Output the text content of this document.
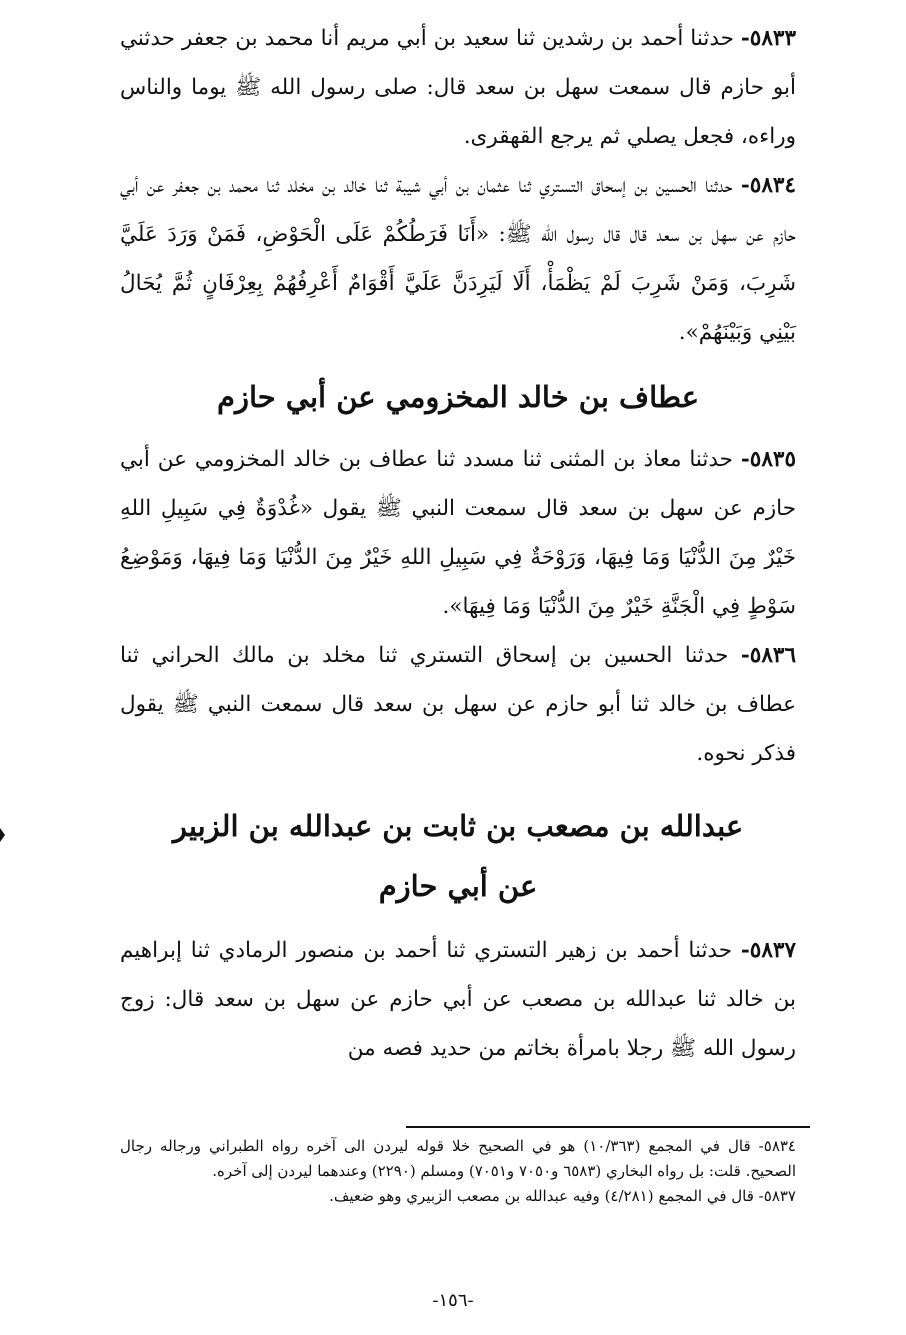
٥٨٣٣- حدثنا أحمد بن رشدين ثنا سعيد بن أبي مريم أنا محمد بن جعفر حدثني أبو حازم قال سمعت سهل بن سعد قال: صلى رسول الله ﷺ يوما والناس وراءه، فجعل يصلي ثم يرجع القهقرى.

٥٨٣٤- حدثنا الحسين بن إسحاق التستري ثنا عثمان بن أبي شيبة ثنا خالد بن مخلد ثنا محمد بن جعفر عن أبي حازم عن سهل بن سعد قال قال رسول الله ﷺ: «أَنَا فَرَطُكُمْ عَلَى الْحَوْضِ، فَمَنْ وَرَدَ عَلَيَّ شَرِبَ، وَمَنْ شَرِبَ لَمْ يَظْمَأْ، أَلَا لَيَرِدَنَّ عَلَيَّ أَقْوَامٌ أَعْرِفُهُمْ بِعِرْفَانٍ ثُمَّ يُحَالُ بَيْنِي وَبَيْنَهُمْ».

عطاف بن خالد المخزومي عن أبي حازم

٥٨٣٥- حدثنا معاذ بن المثنى ثنا مسدد ثنا عطاف بن خالد المخزومي عن أبي حازم عن سهل بن سعد قال سمعت النبي ﷺ يقول «غُدْوَةٌ فِي سَبِيلِ اللهِ خَيْرٌ مِنَ الدُّنْيَا وَمَا فِيهَا، وَرَوْحَةٌ فِي سَبِيلِ اللهِ خَيْرٌ مِنَ الدُّنْيَا وَمَا فِيهَا، وَمَوْضِعُ سَوْطٍ فِي الْجَنَّةِ خَيْرٌ مِنَ الدُّنْيَا وَمَا فِيهَا».

٥٨٣٦- حدثنا الحسين بن إسحاق التستري ثنا مخلد بن مالك الحراني ثنا عطاف بن خالد ثنا أبو حازم عن سهل بن سعد قال سمعت النبي ﷺ يقول فذكر نحوه.

عبدالله بن مصعب بن ثابت بن عبدالله بن الزبير
عن أبي حازم

٥٨٣٧- حدثنا أحمد بن زهير التستري ثنا أحمد بن منصور الرمادي ثنا إبراهيم بن خالد ثنا عبدالله بن مصعب عن أبي حازم عن سهل بن سعد قال: زوج رسول الله ﷺ رجلا بامرأة بخاتم من حديد فصه من

٥٨٣٤- قال في المجمع (١٠/٣٦٣) هو في الصحيح خلا قوله ليردن الى آخره رواه الطبراني ورجاله رجال الصحيح. قلت: بل رواه البخاري (٦٥٨٣ و٧٠٥٠ و٧٠٥١) ومسلم (٢٢٩٠) وعندهما ليردن إلى آخره.

٥٨٣٧- قال في المجمع (٤/٢٨١) وفيه عبدالله بن مصعب الزبيري وهو ضعيف.

-١٥٦-
